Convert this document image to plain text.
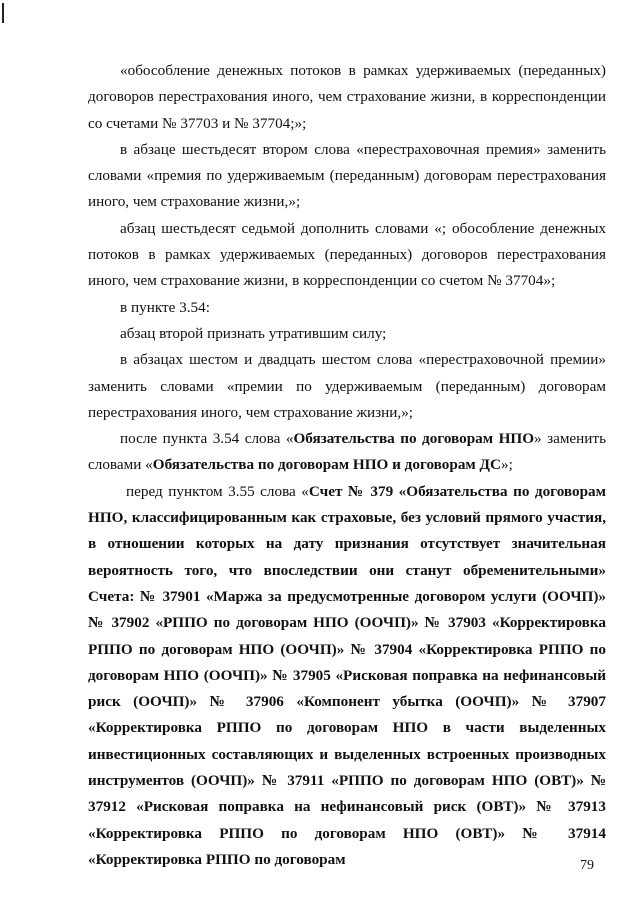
«обособление денежных потоков в рамках удерживаемых (переданных) договоров перестрахования иного, чем страхование жизни, в корреспонденции со счетами № 37703 и № 37704;»;

в абзаце шестьдесят втором слова «перестраховочная премия» заменить словами «премия по удерживаемым (переданным) договорам перестрахования иного, чем страхование жизни,»;

абзац шестьдесят седьмой дополнить словами «; обособление денежных потоков в рамках удерживаемых (переданных) договоров перестрахования иного, чем страхование жизни, в корреспонденции со счетом № 37704»;

в пункте 3.54:

абзац второй признать утратившим силу;

в абзацах шестом и двадцать шестом слова «перестраховочной премии» заменить словами «премии по удерживаемым (переданным) договорам перестрахования иного, чем страхование жизни,»;

после пункта 3.54 слова «Обязательства по договорам НПО» заменить словами «Обязательства по договорам НПО и договорам ДС»;

перед пунктом 3.55 слова «Счет № 379 «Обязательства по договорам НПО, классифицированным как страховые, без условий прямого участия, в отношении которых на дату признания отсутствует значительная вероятность того, что впоследствии они станут обременительными» Счета: № 37901 «Маржа за предусмотренные договором услуги (ООЧП)» № 37902 «РППО по договорам НПО (ООЧП)» № 37903 «Корректировка РППО по договорам НПО (ООЧП)» № 37904 «Корректировка РППО по договорам НПО (ООЧП)» № 37905 «Рисковая поправка на нефинансовый риск (ООЧП)» № 37906 «Компонент убытка (ООЧП)» № 37907 «Корректировка РППО по договорам НПО в части выделенных инвестиционных составляющих и выделенных встроенных производных инструментов (ООЧП)» № 37911 «РППО по договорам НПО (ОВТ)» № 37912 «Рисковая поправка на нефинансовый риск (ОВТ)» № 37913 «Корректировка РППО по договорам НПО (ОВТ)» № 37914 «Корректировка РППО по договорам	79
